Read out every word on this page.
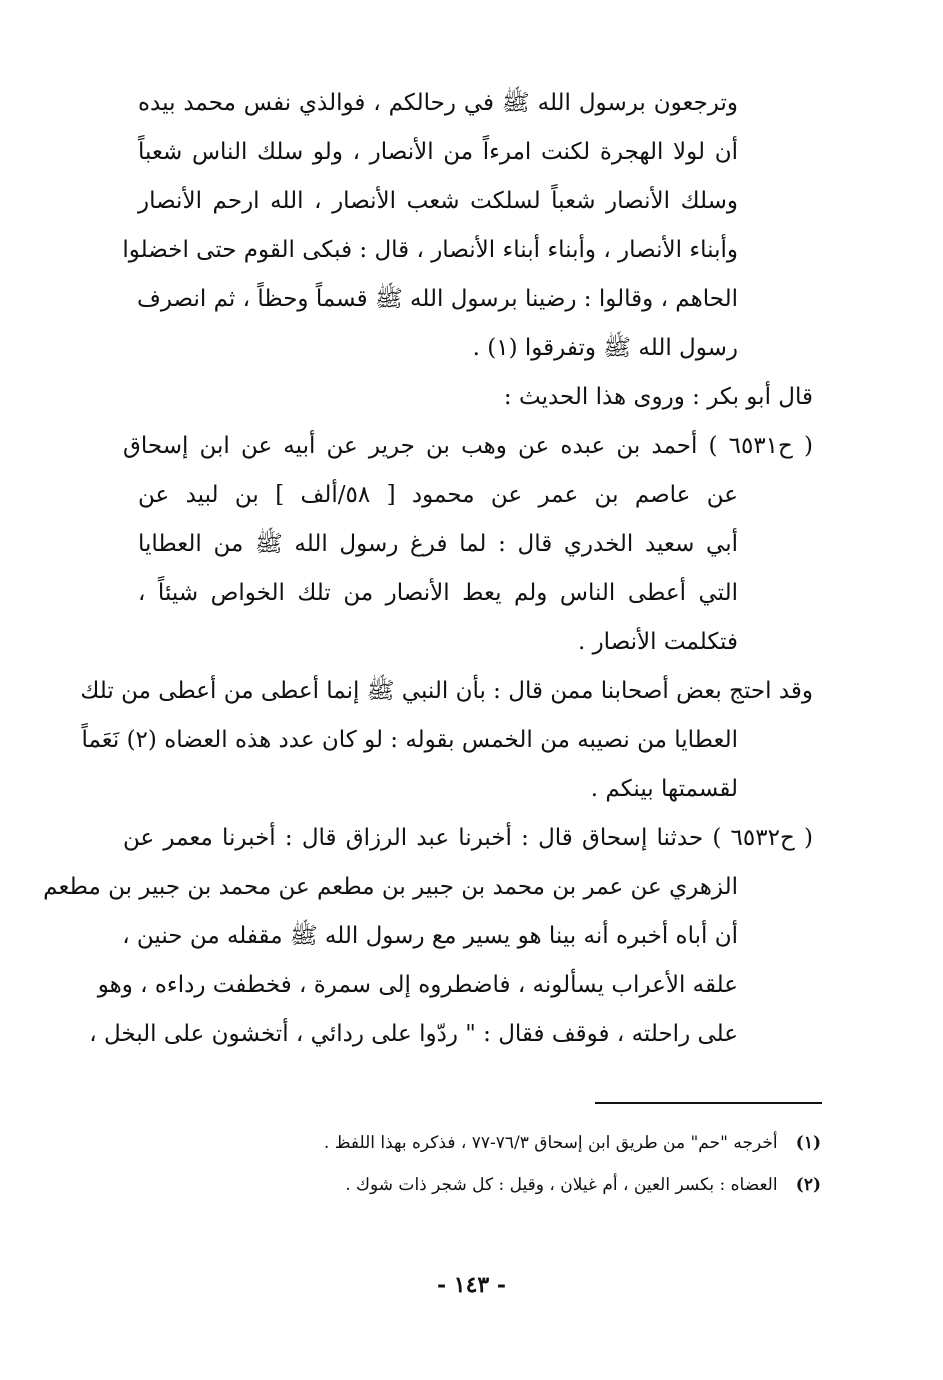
وترجعون برسول الله ﷺ في رحالكم ، فوالذي نفس محمد بيده
أن لولا الهجرة لكنت امرءاً من الأنصار ، ولو سلك الناس شعباً
وسلك الأنصار شعباً لسلكت شعب الأنصار ، الله ارحم الأنصار
وأبناء الأنصار ، وأبناء أبناء الأنصار ، قال : فبكى القوم حتى اخضلوا
الحاهم ، وقالوا : رضينا برسول الله ﷺ قسماً وحظاً ، ثم انصرف
رسول الله ﷺ وتفرقوا (١) .
قال أبو بكر : وروى هذا الحديث :
( ح٦٥٣١ ) أحمد بن عبده عن وهب بن جرير عن أبيه عن ابن إسحاق
عن عاصم بن عمر عن محمود [ ٥٨/ألف ] بن لبيد عن
أبي سعيد الخدري قال : لما فرغ رسول الله ﷺ من العطايا
التي أعطى الناس ولم يعط الأنصار من تلك الخواص شيئاً ،
فتكلمت الأنصار .
وقد احتج بعض أصحابنا ممن قال : بأن النبي ﷺ إنما أعطى من أعطى من تلك
العطايا من نصيبه من الخمس بقوله : لو كان عدد هذه العضاه (٢) نَعَماً
لقسمتها بينكم .
( ح٦٥٣٢ ) حدثنا إسحاق قال : أخبرنا عبد الرزاق قال : أخبرنا معمر عن
الزهري عن عمر بن محمد بن جبير بن مطعم عن محمد بن جبير بن مطعم
أن أباه أخبره أنه بينا هو يسير مع رسول الله ﷺ مقفله من حنين ،
علقه الأعراب يسألونه ، فاضطروه إلى سمرة ، فخطفت رداءه ، وهو
على راحلته ، فوقف فقال : " ردّوا على ردائي ، أتخشون على البخل ،
(١) أخرجه "حم" من طريق ابن إسحاق ٧٦/٣-٧٧ ، فذكره بهذا اللفظ .
(٢) العضاه : بكسر العين ، أم غيلان ، وقيل : كل شجر ذات شوك .
- ١٤٣ -
